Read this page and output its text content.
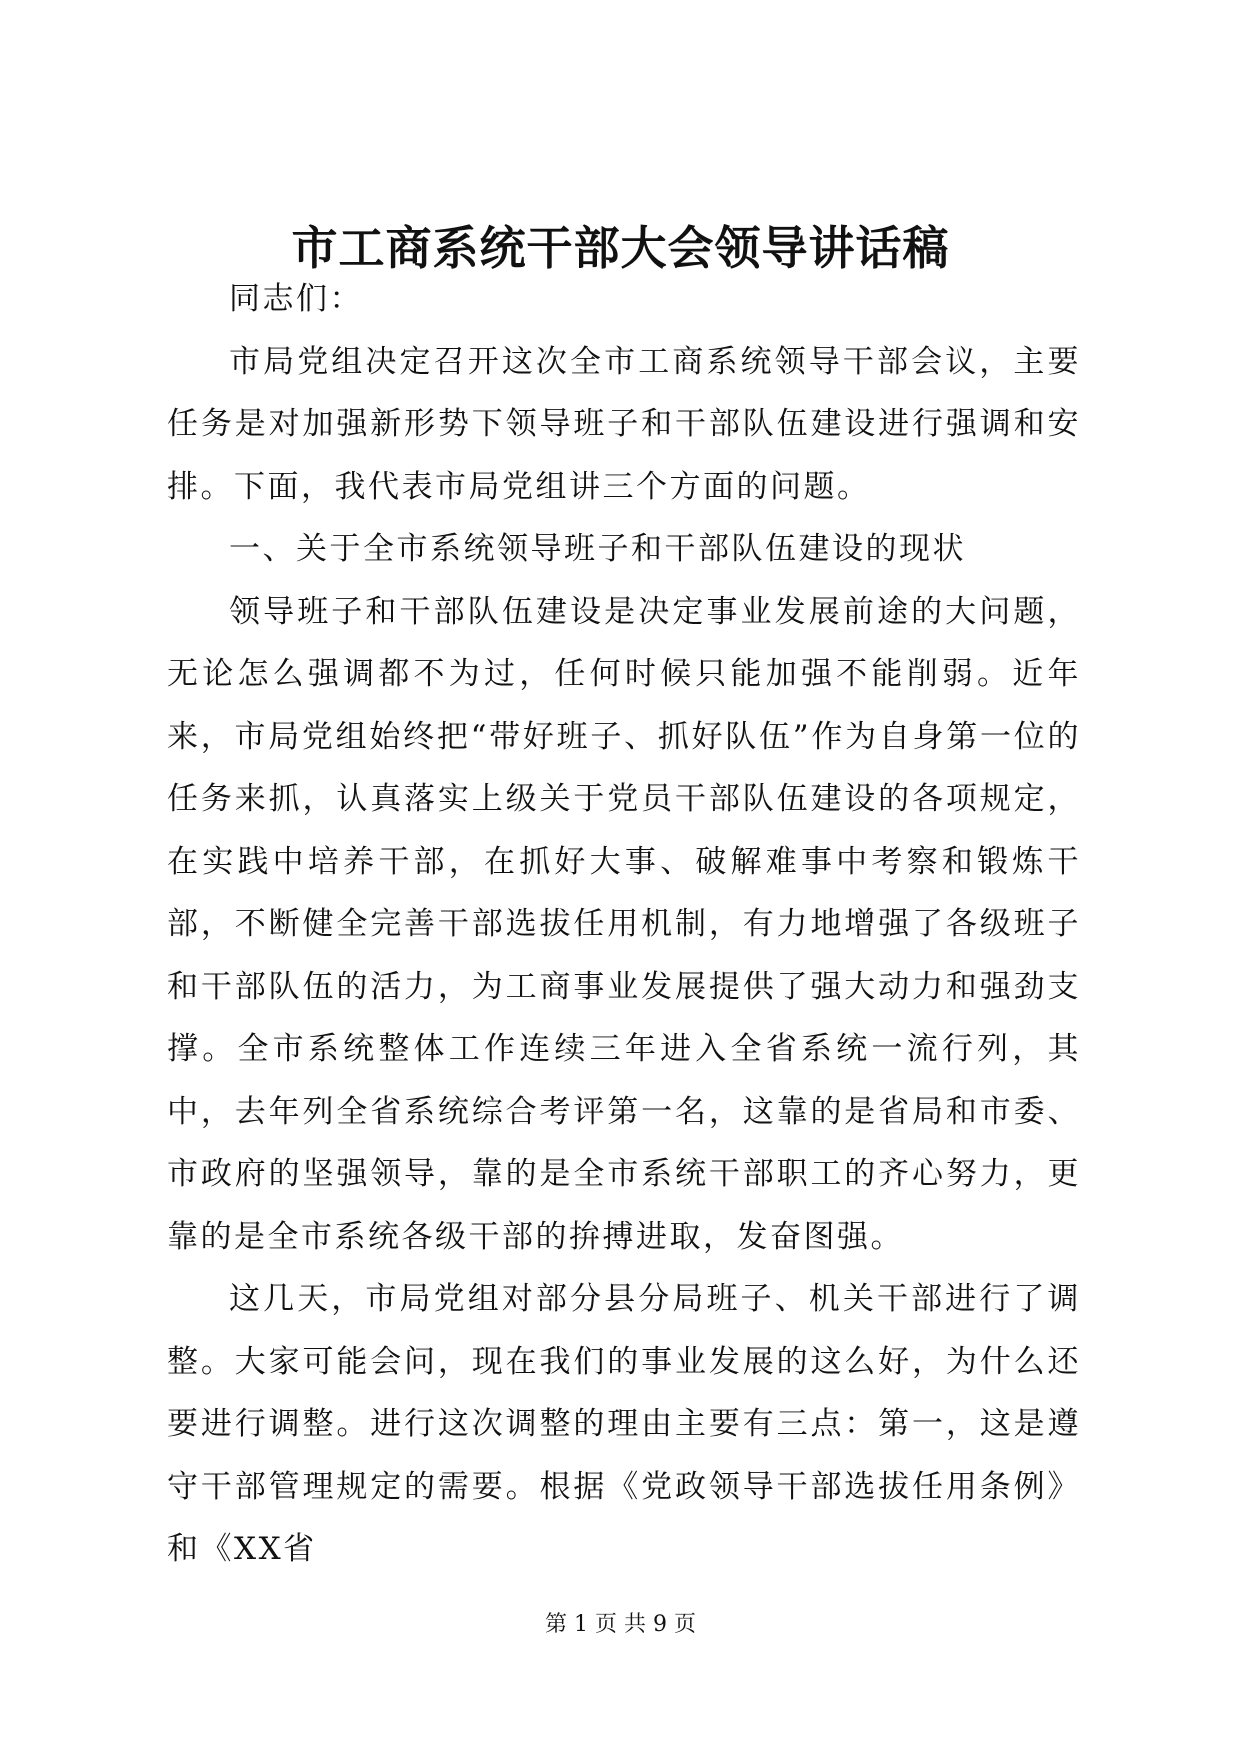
市工商系统干部大会领导讲话稿

同志们：

市局党组决定召开这次全市工商系统领导干部会议，主要任务是对加强新形势下领导班子和干部队伍建设进行强调和安排。下面，我代表市局党组讲三个方面的问题。

一、关于全市系统领导班子和干部队伍建设的现状

领导班子和干部队伍建设是决定事业发展前途的大问题，无论怎么强调都不为过，任何时候只能加强不能削弱。近年来，市局党组始终把“带好班子、抓好队伍”作为自身第一位的任务来抓，认真落实上级关于党员干部队伍建设的各项规定，在实践中培养干部，在抓好大事、破解难事中考察和锻炼干部，不断健全完善干部选拔任用机制，有力地增强了各级班子和干部队伍的活力，为工商事业发展提供了强大动力和强劲支撑。全市系统整体工作连续三年进入全省系统一流行列，其中，去年列全省系统综合考评第一名，这靠的是省局和市委、市政府的坚强领导，靠的是全市系统干部职工的齐心努力，更靠的是全市系统各级干部的拚搏进取，发奋图强。

这几天，市局党组对部分县分局班子、机关干部进行了调整。大家可能会问，现在我们的事业发展的这么好，为什么还要进行调整。进行这次调整的理由主要有三点：第一，这是遵守干部管理规定的需要。根据《党政领导干部选拔任用条例》和《XX省

第 1 页 共 9 页
